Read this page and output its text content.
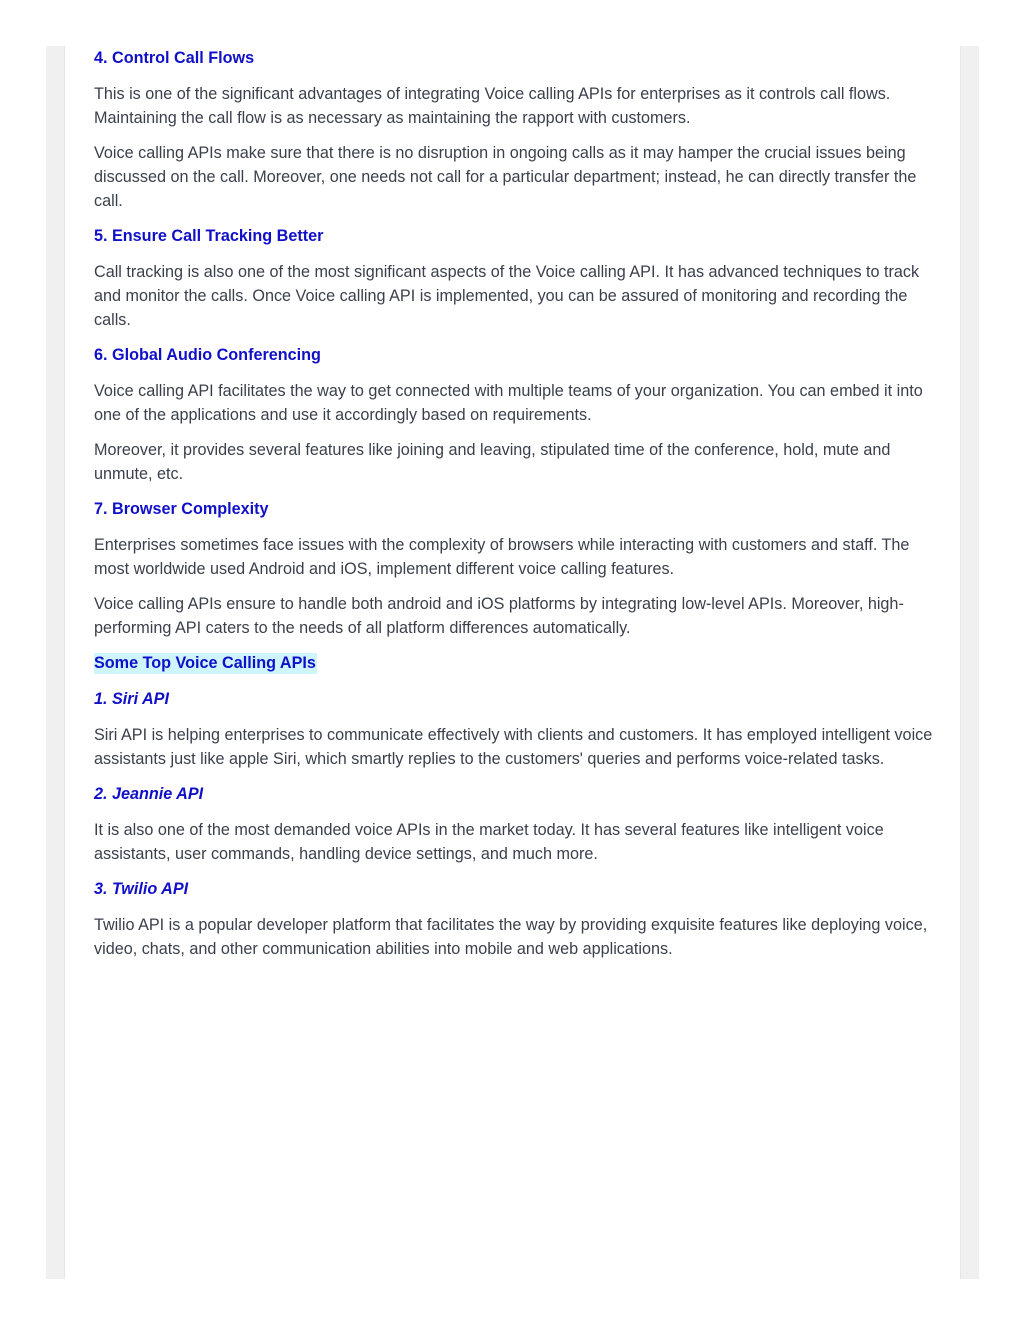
4. Control Call Flows

This is one of the significant advantages of integrating Voice calling APIs for enterprises as it controls call flows. Maintaining the call flow is as necessary as maintaining the rapport with customers.

Voice calling APIs make sure that there is no disruption in ongoing calls as it may hamper the crucial issues being discussed on the call. Moreover, one needs not call for a particular department; instead, he can directly transfer the call.

5. Ensure Call Tracking Better

Call tracking is also one of the most significant aspects of the Voice calling API. It has advanced techniques to track and monitor the calls. Once Voice calling API is implemented, you can be assured of monitoring and recording the calls.

6. Global Audio Conferencing

Voice calling API facilitates the way to get connected with multiple teams of your organization. You can embed it into one of the applications and use it accordingly based on requirements.

Moreover, it provides several features like joining and leaving, stipulated time of the conference, hold, mute and unmute, etc.

7. Browser Complexity

Enterprises sometimes face issues with the complexity of browsers while interacting with customers and staff. The most worldwide used Android and iOS, implement different voice calling features.

Voice calling APIs ensure to handle both android and iOS platforms by integrating low-level APIs. Moreover, high-performing API caters to the needs of all platform differences automatically.

Some Top Voice Calling APIs
1. Siri API

Siri API is helping enterprises to communicate effectively with clients and customers. It has employed intelligent voice assistants just like apple Siri, which smartly replies to the customers' queries and performs voice-related tasks.

2. Jeannie API

It is also one of the most demanded voice APIs in the market today. It has several features like intelligent voice assistants, user commands, handling device settings, and much more.

3. Twilio API

Twilio API is a popular developer platform that facilitates the way by providing exquisite features like deploying voice, video, chats, and other communication abilities into mobile and web applications.
